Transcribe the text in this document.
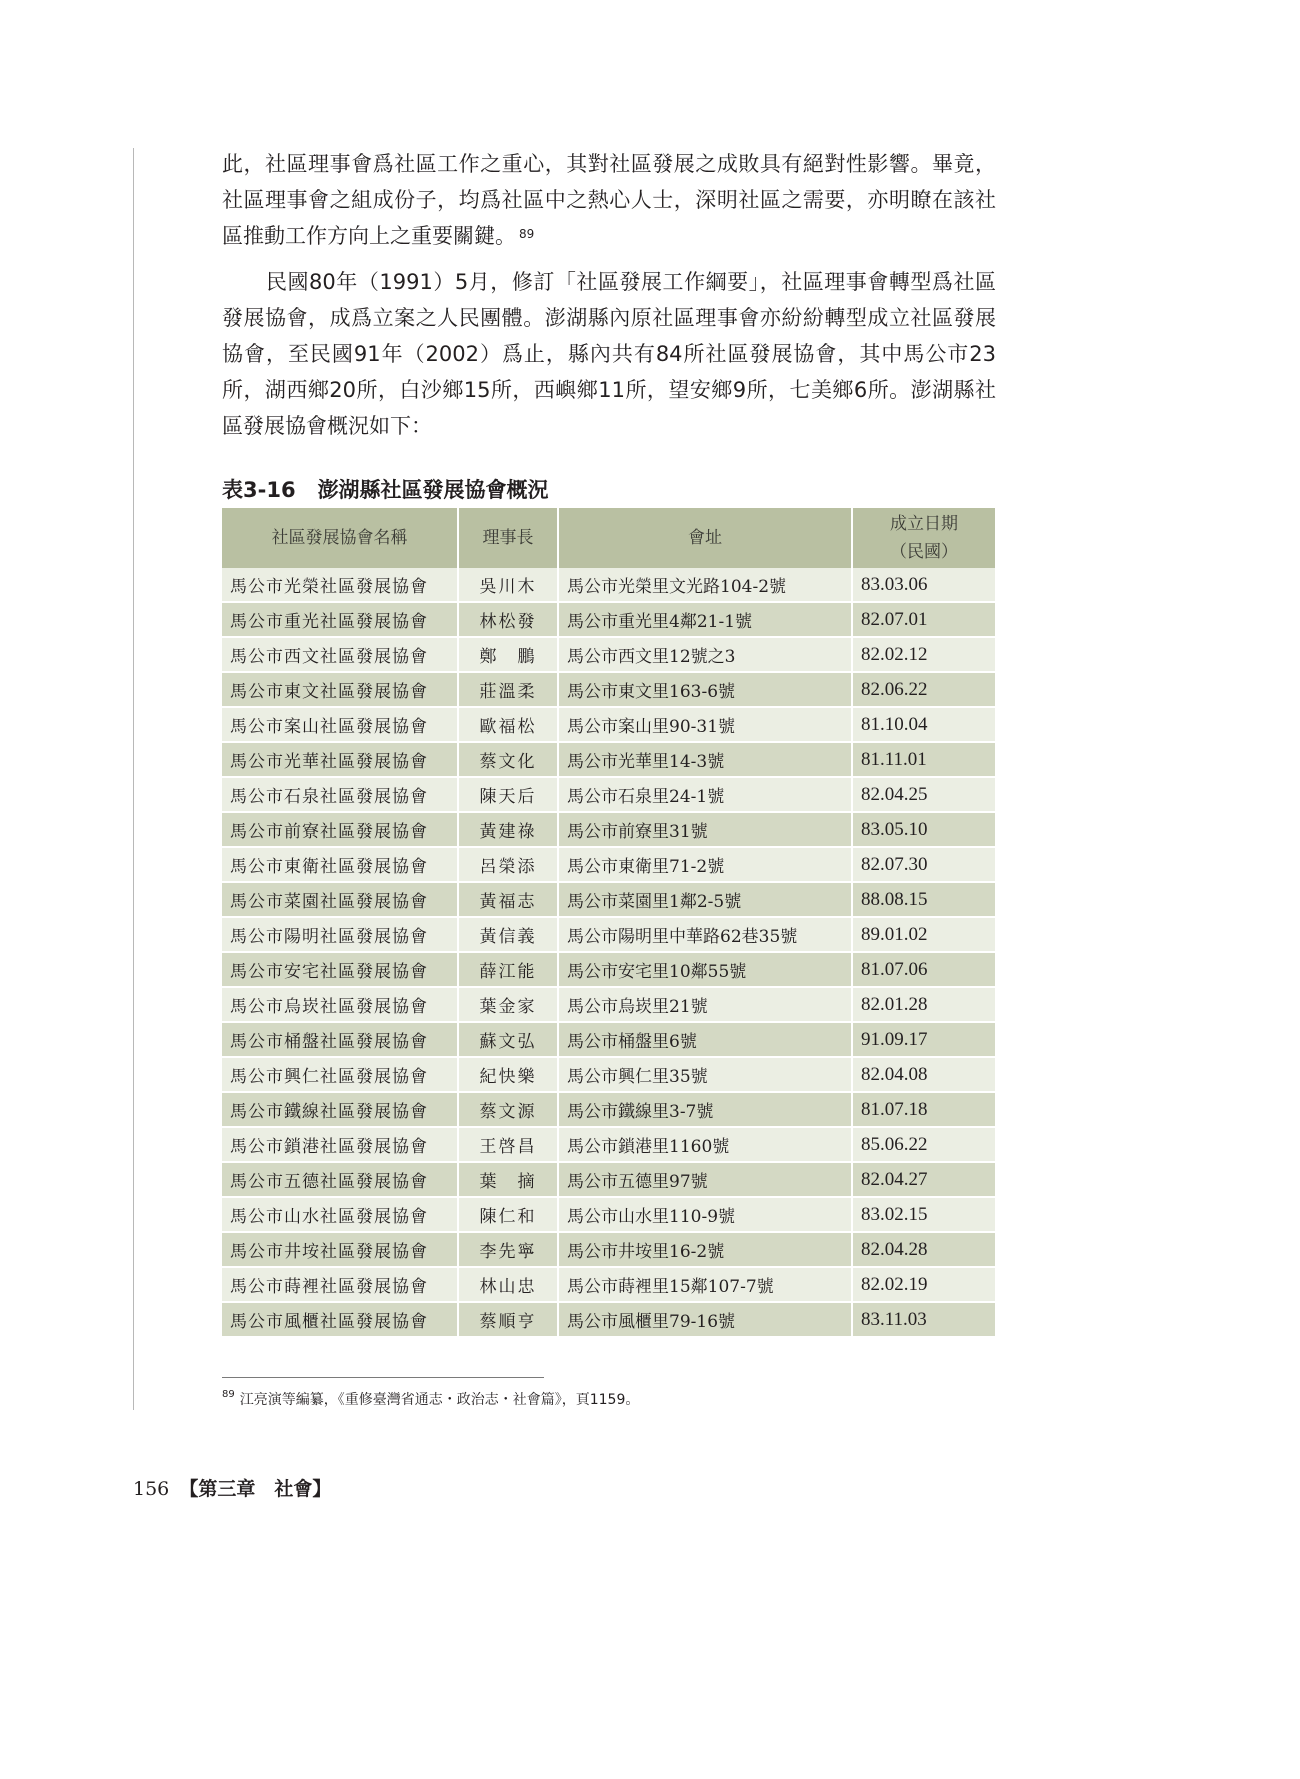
此，社區理事會爲社區工作之重心，其對社區發展之成敗具有絕對性影響。畢竟，社區理事會之組成份子，均爲社區中之熱心人士，深明社區之需要，亦明瞭在該社區推動工作方向上之重要關鍵。 $^{89}$

民國80年（1991）5月，修訂「社區發展工作綱要」，社區理事會轉型爲社區發展協會，成爲立案之人民團體。澎湖縣內原社區理事會亦紛紛轉型成立社區發展協會，至民國91年（2002）爲止，縣內共有84所社區發展協會，其中馬公市23所，湖西鄉20所，白沙鄉15所，西嶼鄉11所，望安鄉9所，七美鄉6所。澎湖縣社區發展協會概況如下：

表3-16 澎湖縣社區發展協會概況
社區發展協會名稱	理事長	會址	成立日期
（民國）

馬公市光榮社區發展協會	吳川木	馬公市光榮里文光路104-2號	83.03.06
馬公市重光社區發展協會	林松發	馬公市重光里4鄰21-1號	82.07.01
馬公市西文社區發展協會	鄭　鵬	馬公市西文里12號之3	82.02.12
馬公市東文社區發展協會	莊溫柔	馬公市東文里163-6號	82.06.22
馬公市案山社區發展協會	歐福松	馬公市案山里90-31號	81.10.04
馬公市光華社區發展協會	蔡文化	馬公市光華里14-3號	81.11.01
馬公市石泉社區發展協會	陳天后	馬公市石泉里24-1號	82.04.25
馬公市前寮社區發展協會	黃建祿	馬公市前寮里31號	83.05.10
馬公市東衛社區發展協會	呂榮添	馬公市東衛里71-2號	82.07.30
馬公市菜園社區發展協會	黃福志	馬公市菜園里1鄰2-5號	88.08.15
馬公市陽明社區發展協會	黃信義	馬公市陽明里中華路62巷35號	89.01.02
馬公市安宅社區發展協會	薛江能	馬公市安宅里10鄰55號	81.07.06
馬公市烏崁社區發展協會	葉金家	馬公市烏崁里21號	82.01.28
馬公市桶盤社區發展協會	蘇文弘	馬公市桶盤里6號	91.09.17
馬公市興仁社區發展協會	紀快樂	馬公市興仁里35號	82.04.08
馬公市鐵線社區發展協會	蔡文源	馬公市鐵線里3-7號	81.07.18
馬公市鎖港社區發展協會	王啓昌	馬公市鎖港里1160號	85.06.22
馬公市五德社區發展協會	葉　摘	馬公市五德里97號	82.04.27
馬公市山水社區發展協會	陳仁和	馬公市山水里110-9號	83.02.15
馬公市井垵社區發展協會	李先寧	馬公市井垵里16-2號	82.04.28
馬公市蒔裡社區發展協會	林山忠	馬公市蒔裡里15鄰107-7號	82.02.19
馬公市風櫃社區發展協會	蔡順亨	馬公市風櫃里79-16號	83.11.03
$^{89}$ 江亮演等編纂，《重修臺灣省通志・政治志・社會篇》，頁1159。
156 【第三章　社會】
